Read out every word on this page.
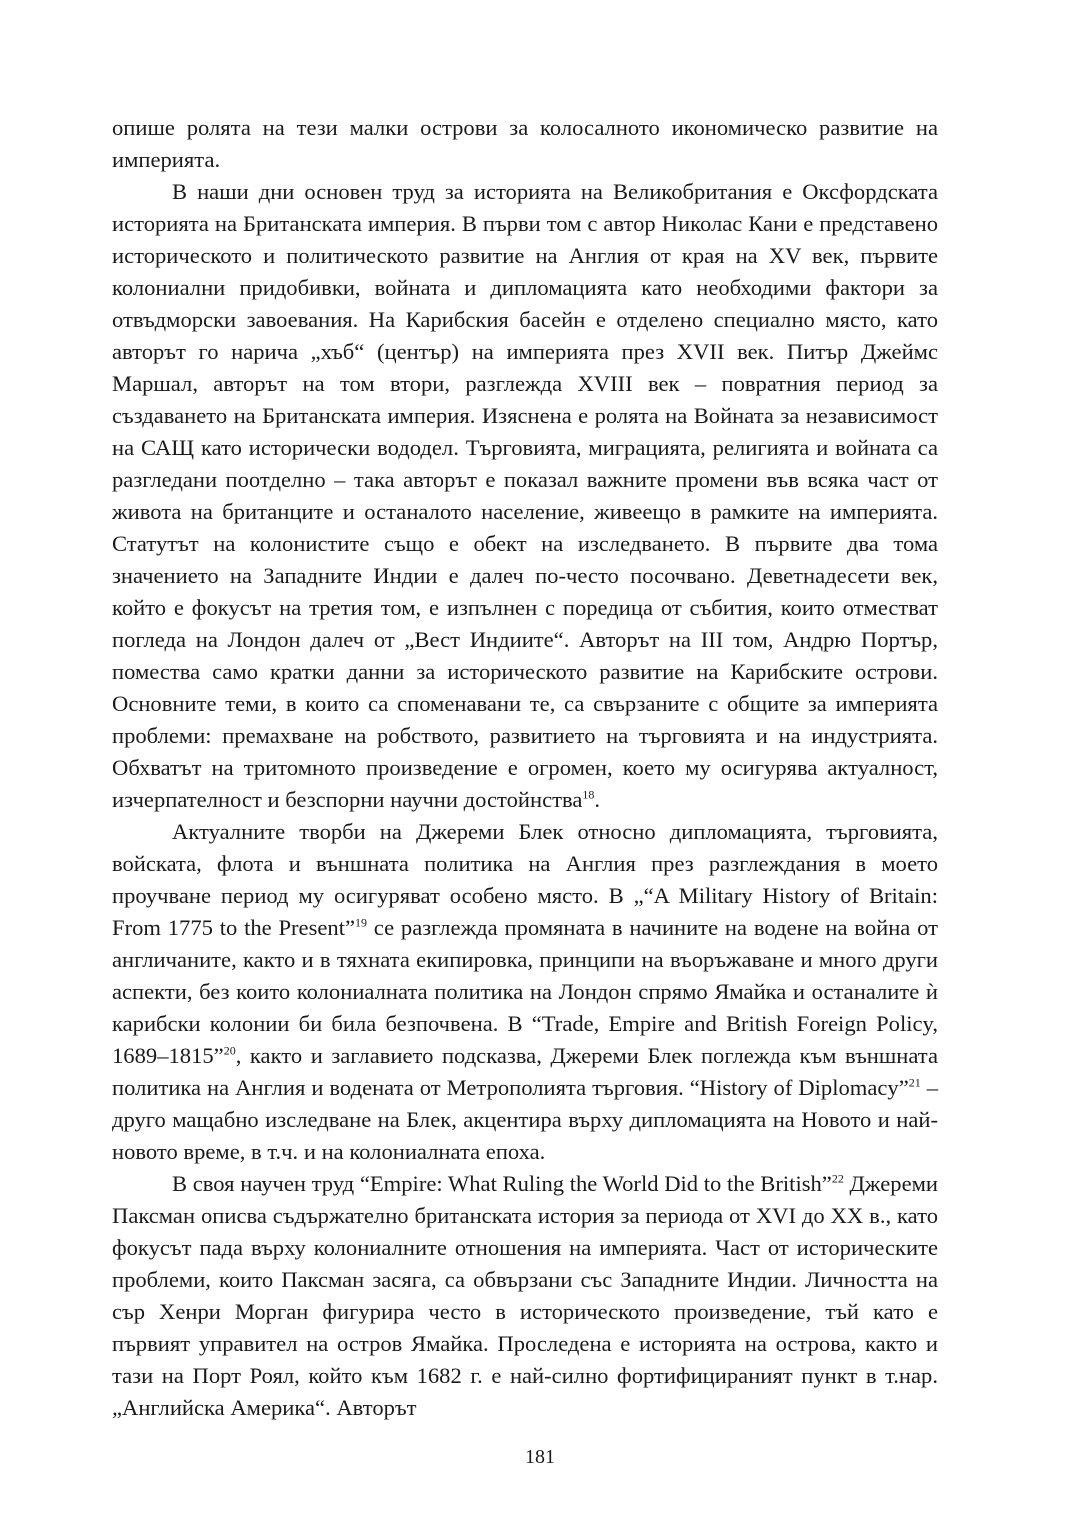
опише ролята на тези малки острови за колосалното икономическо развитие на империята.

В наши дни основен труд за историята на Великобритания е Оксфордската историята на Британската империя. В първи том с автор Николас Кани е представено историческото и политическото развитие на Англия от края на XV век, първите колониални придобивки, войната и дипломацията като необходими фактори за отвъдморски завоевания. На Карибския басейн е отделено специално място, като авторът го нарича „хъб“ (център) на империята през XVII век. Питър Джеймс Маршал, авторът на том втори, разглежда XVIII век – повратния период за създаването на Британската империя. Изяснена е ролята на Войната за независимост на САЩ като исторически вододел. Търговията, миграцията, религията и войната са разгледани поотделно – така авторът е показал важните промени във всяка част от живота на британците и останалото население, живеещо в рамките на империята. Статутът на колонистите също е обект на изследването. В първите два тома значението на Западните Индии е далеч по-често посочвано. Деветнадесети век, който е фокусът на третия том, е изпълнен с поредица от събития, които отместват погледа на Лондон далеч от „Вест Индиите“. Авторът на III том, Андрю Портър, помества само кратки данни за историческото развитие на Карибските острови. Основните теми, в които са споменавани те, са свързаните с общите за империята проблеми: премахване на робството, развитието на търговията и на индустрията. Обхватът на тритомното произведение е огромен, което му осигурява актуалност, изчерпателност и безспорни научни достойнства$^{18}$.

Актуалните творби на Джереми Блек относно дипломацията, търговията, войската, флота и външната политика на Англия през разглеждания в моето проучване период му осигуряват особено място. В „“A Military History of Britain: From 1775 to the Present”$^{19}$ се разглежда промяната в начините на водене на война от англичаните, както и в тяхната екипировка, принципи на въоръжаване и много други аспекти, без които колониалната политика на Лондон спрямо Ямайка и останалите ѝ карибски колонии би била безпочвена. В “Trade, Empire and British Foreign Policy, 1689–1815”$^{20}$, както и заглавието подсказва, Джереми Блек поглежда към външната политика на Англия и водената от Метрополията търговия. “History of Diplomacy”$^{21}$ – друго мащабно изследване на Блек, акцентира върху дипломацията на Новото и най-новото време, в т.ч. и на колониалната епоха.

В своя научен труд “Empire: What Ruling the World Did to the British”$^{22}$ Джереми Паксман описва съдържателно британската история за периода от XVI до XX в., като фокусът пада върху колониалните отношения на империята. Част от историческите проблеми, които Паксман засяга, са обвързани със Западните Индии. Личността на сър Хенри Морган фигурира често в историческото произведение, тъй като е първият управител на остров Ямайка. Проследена е историята на острова, както и тази на Порт Роял, който към 1682 г. е най-силно фортифицираният пункт в т.нар. „Английска Америка“. Авторът

181
